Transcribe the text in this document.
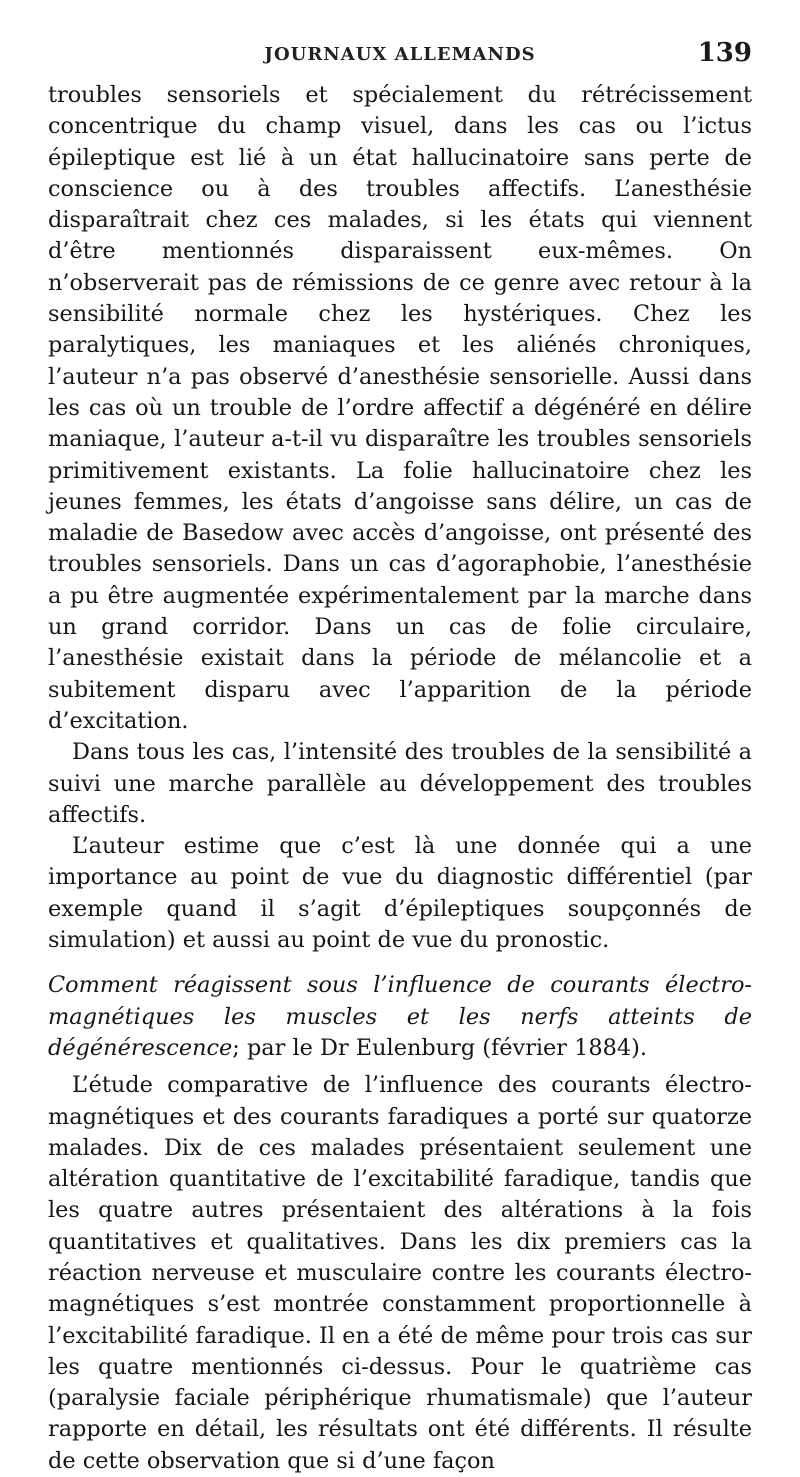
JOURNAUX ALLEMANDS	139

troubles sensoriels et spécialement du rétrécissement concentrique du champ visuel, dans les cas ou l’ictus épileptique est lié à un état hallucinatoire sans perte de conscience ou à des troubles affectifs. L’anesthésie disparaîtrait chez ces malades, si les états qui viennent d’être mentionnés disparaissent eux-mêmes. On n’observerait pas de rémissions de ce genre avec retour à la sensibilité normale chez les hystériques. Chez les paralytiques, les maniaques et les aliénés chroniques, l’auteur n’a pas observé d’anesthésie sensorielle. Aussi dans les cas où un trouble de l’ordre affectif a dégénéré en délire maniaque, l’auteur a-t-il vu disparaître les troubles sensoriels primitivement existants. La folie hallucinatoire chez les jeunes femmes, les états d’angoisse sans délire, un cas de maladie de Basedow avec accès d’angoisse, ont présenté des troubles sensoriels. Dans un cas d’agoraphobie, l’anesthésie a pu être augmentée expérimentalement par la marche dans un grand corridor. Dans un cas de folie circulaire, l’anesthésie existait dans la période de mélancolie et a subitement disparu avec l’apparition de la période d’excitation.

Dans tous les cas, l’intensité des troubles de la sensibilité a suivi une marche parallèle au développement des troubles affectifs.

L’auteur estime que c’est là une donnée qui a une importance au point de vue du diagnostic différentiel (par exemple quand il s’agit d’épileptiques soupçonnés de simulation) et aussi au point de vue du pronostic.

Comment réagissent sous l’influence de courants électro-magnétiques les muscles et les nerfs atteints de dégénérescence; par le Dr Eulenburg (février 1884).

L’étude comparative de l’influence des courants électro-magnétiques et des courants faradiques a porté sur quatorze malades. Dix de ces malades présentaient seulement une altération quantitative de l’excitabilité faradique, tandis que les quatre autres présentaient des altérations à la fois quantitatives et qualitatives. Dans les dix premiers cas la réaction nerveuse et musculaire contre les courants électro-magnétiques s’est montrée constamment proportionnelle à l’excitabilité faradique. Il en a été de même pour trois cas sur les quatre mentionnés ci-dessus. Pour le quatrième cas (paralysie faciale périphérique rhumatismale) que l’auteur rapporte en détail, les résultats ont été différents. Il résulte de cette observation que si d’une façon
